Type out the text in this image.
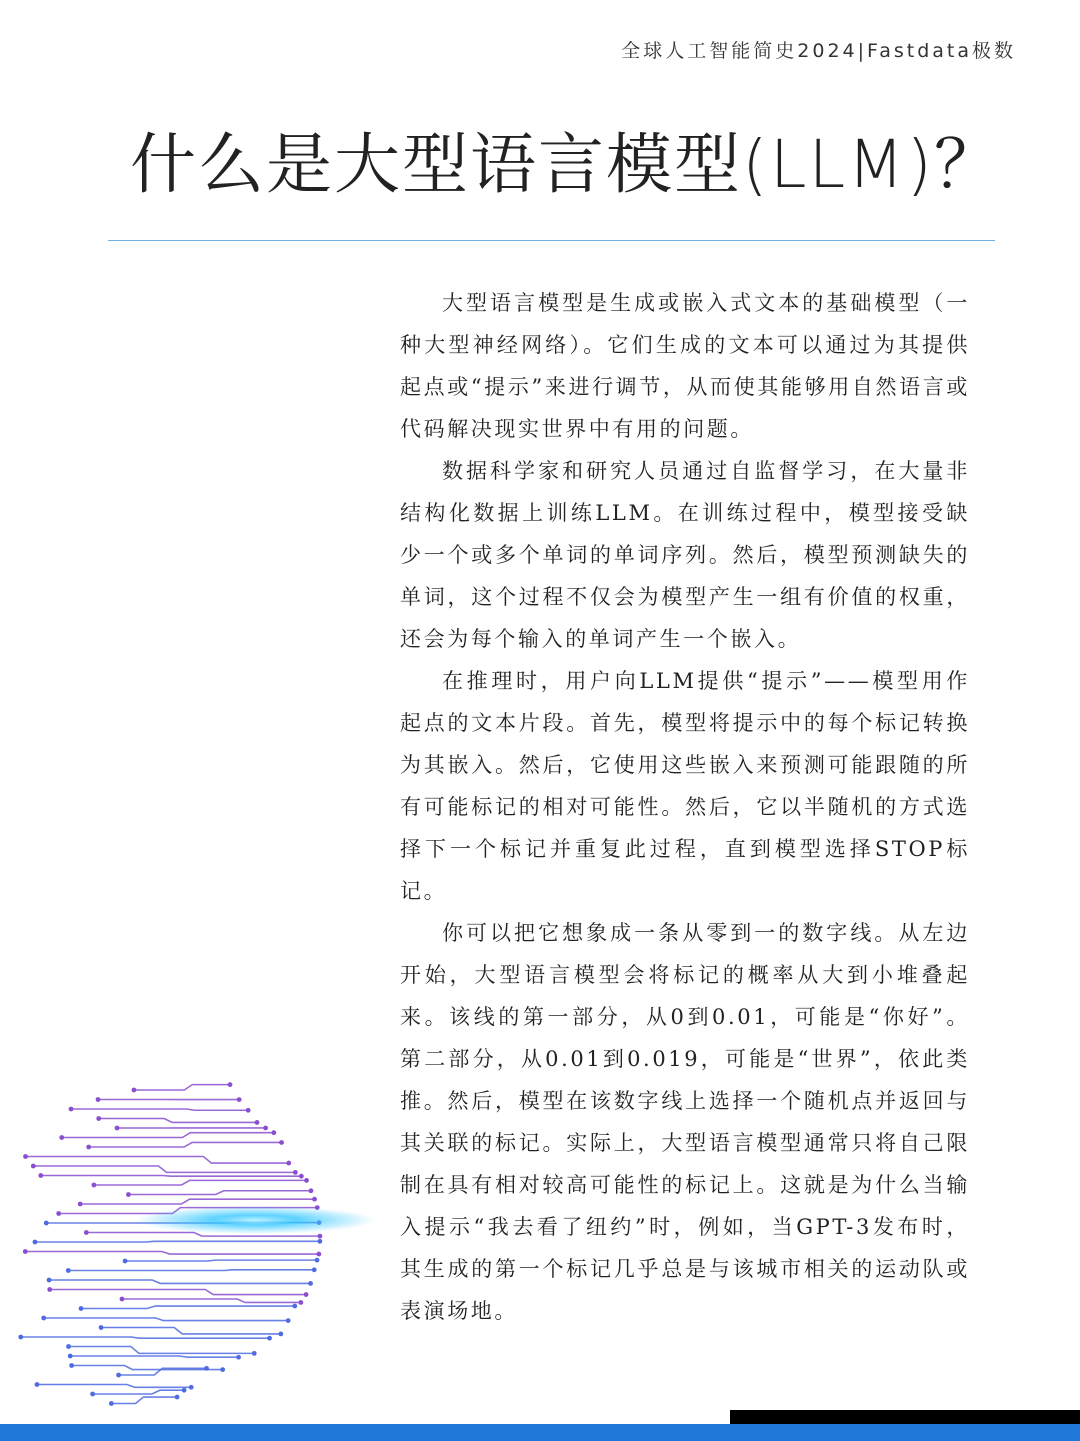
全球人工智能简史2024|Fastdata极数
什么是大型语言模型(LLM)？

大型语言模型是生成或嵌入式文本的基础模型（一种大型神经网络）。它们生成的文本可以通过为其提供起点或“提示”来进行调节，从而使其能够用自然语言或代码解决现实世界中有用的问题。

数据科学家和研究人员通过自监督学习，在大量非结构化数据上训练LLM。在训练过程中，模型接受缺少一个或多个单词的单词序列。然后，模型预测缺失的单词，这个过程不仅会为模型产生一组有价值的权重，还会为每个输入的单词产生一个嵌入。

在推理时，用户向LLM提供“提示”——模型用作起点的文本片段。首先，模型将提示中的每个标记转换为其嵌入。然后，它使用这些嵌入来预测可能跟随的所有可能标记的相对可能性。然后，它以半随机的方式选择下一个标记并重复此过程，直到模型选择STOP标记。

你可以把它想象成一条从零到一的数字线。从左边开始，大型语言模型会将标记的概率从大到小堆叠起来。该线的第一部分，从0到0.01，可能是“你好”。第二部分，从0.01到0.019，可能是“世界”，依此类推。然后，模型在该数字线上选择一个随机点并返回与其关联的标记。实际上，大型语言模型通常只将自己限制在具有相对较高可能性的标记上。这就是为什么当输入提示“我去看了纽约”时，例如，当GPT-3发布时，其生成的第一个标记几乎总是与该城市相关的运动队或表演场地。
